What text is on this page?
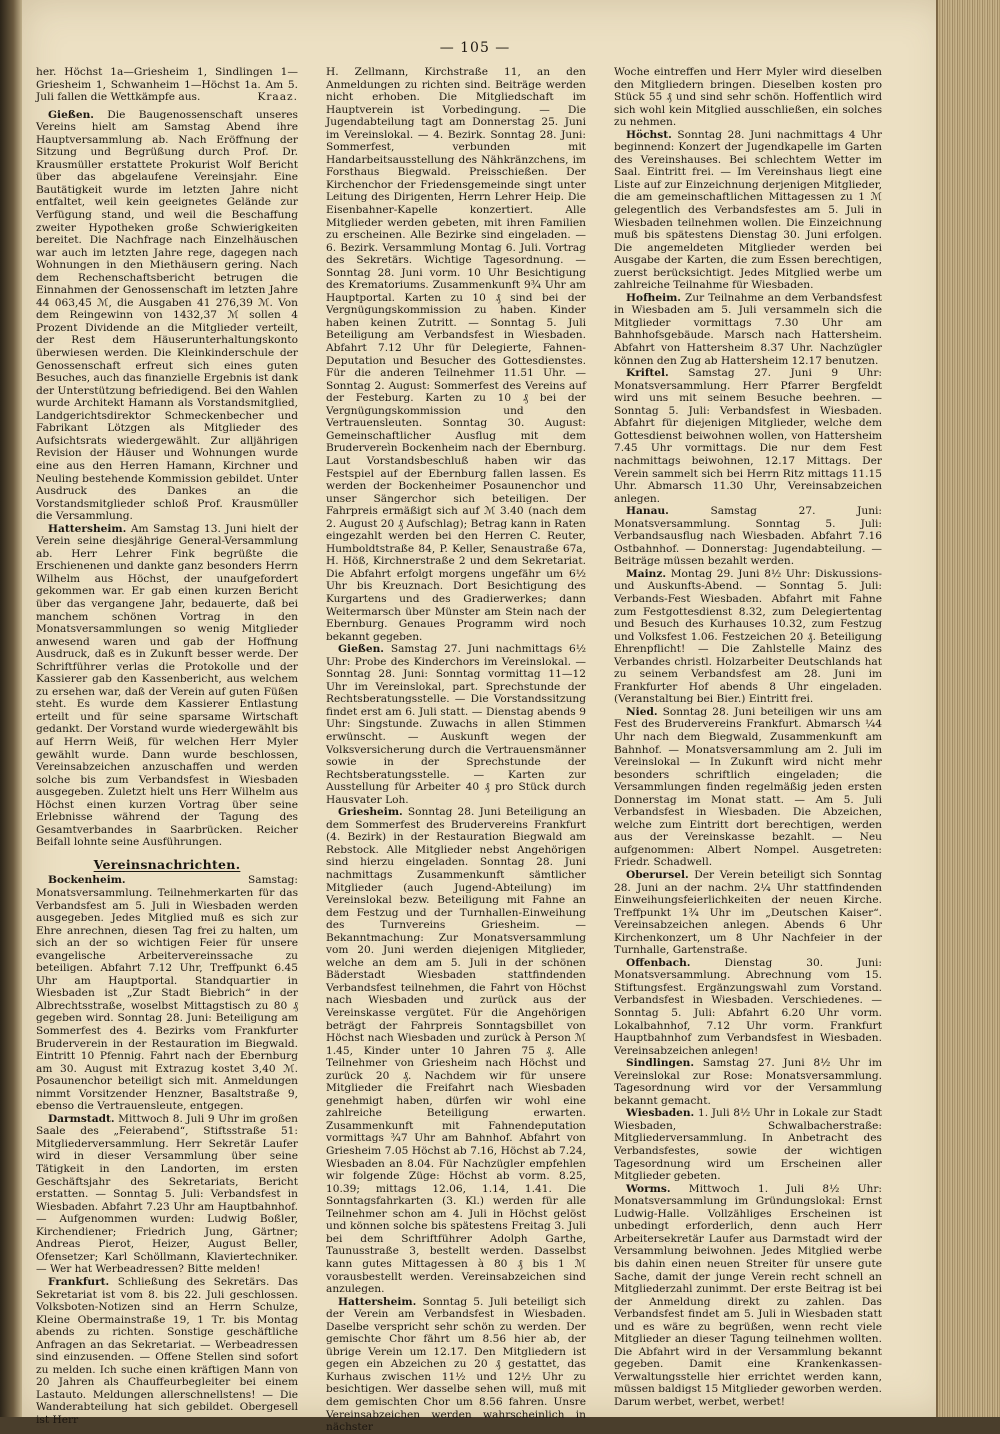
— 105 —

her. Höchst 1a—Griesheim 1, Sindlingen 1—Griesheim 1, Schwanheim 1—Höchst 1a. Am 5. Juli fallen die Wettkämpfe aus.	Kraaz.

Gießen. Die Baugenossenschaft unseres Vereins hielt am Samstag Abend ihre Hauptversammlung ab. Nach Eröffnung der Sitzung und Begrüßung durch Prof. Dr. Krausmüller erstattete Prokurist Wolf Bericht über das abgelaufene Vereinsjahr. Eine Bautätigkeit wurde im letzten Jahre nicht entfaltet, weil kein geeignetes Gelände zur Verfügung stand, und weil die Beschaffung zweiter Hypotheken große Schwierigkeiten bereitet. Die Nachfrage nach Einzelhäuschen war auch im letzten Jahre rege, dagegen nach Wohnungen in den Miethäusern gering. Nach dem Rechenschaftsbericht betrugen die Einnahmen der Genossenschaft im letzten Jahre 44 063,45 ℳ, die Ausgaben 41 276,39 ℳ. Von dem Reingewinn von 1432,37 ℳ sollen 4 Prozent Dividende an die Mitglieder verteilt, der Rest dem Häuserunterhaltungskonto überwiesen werden. Die Kleinkinderschule der Genossenschaft erfreut sich eines guten Besuches, auch das finanzielle Ergebnis ist dank der Unterstützung befriedigend. Bei den Wahlen wurde Architekt Hamann als Vorstandsmitglied, Landgerichtsdirektor Schmeckenbecher und Fabrikant Lötzgen als Mitglieder des Aufsichtsrats wiedergewählt. Zur alljährigen Revision der Häuser und Wohnungen wurde eine aus den Herren Hamann, Kirchner und Neuling bestehende Kommission gebildet. Unter Ausdruck des Dankes an die Vorstandsmitglieder schloß Prof. Krausmüller die Versammlung.

Hattersheim. Am Samstag 13. Juni hielt der Verein seine diesjährige General-Versammlung ab. Herr Lehrer Fink begrüßte die Erschienenen und dankte ganz besonders Herrn Wilhelm aus Höchst, der unaufgefordert gekommen war. Er gab einen kurzen Bericht über das vergangene Jahr, bedauerte, daß bei manchem schönen Vortrag in den Monatsversammlungen so wenig Mitglieder anwesend waren und gab der Hoffnung Ausdruck, daß es in Zukunft besser werde. Der Schriftführer verlas die Protokolle und der Kassierer gab den Kassenbericht, aus welchem zu ersehen war, daß der Verein auf guten Füßen steht. Es wurde dem Kassierer Entlastung erteilt und für seine sparsame Wirtschaft gedankt. Der Vorstand wurde wiedergewählt bis auf Herrn Weiß, für welchen Herr Myler gewählt wurde. Dann wurde beschlossen, Vereinsabzeichen anzuschaffen und werden solche bis zum Verbandsfest in Wiesbaden ausgegeben. Zuletzt hielt uns Herr Wilhelm aus Höchst einen kurzen Vortrag über seine Erlebnisse während der Tagung des Gesamtverbandes in Saarbrücken. Reicher Beifall lohnte seine Ausführungen.

Vereinsnachrichten.

Bockenheim.	Samstag: Monatsversammlung. Teilnehmerkarten für das Verbandsfest am 5. Juli in Wiesbaden werden ausgegeben. Jedes Mitglied muß es sich zur Ehre anrechnen, diesen Tag frei zu halten, um sich an der so wichtigen Feier für unsere evangelische Arbeitervereinssache zu beteiligen. Abfahrt 7.12 Uhr, Treffpunkt 6.45 Uhr am Hauptportal. Standquartier in Wiesbaden ist „Zur Stadt Biebrich“ in der Albrechtsstraße, woselbst Mittagstisch zu 80 ₰ gegeben wird. Sonntag 28. Juni: Beteiligung am Sommerfest des 4. Bezirks vom Frankfurter Bruderverein in der Restauration im Biegwald. Eintritt 10 Pfennig. Fahrt nach der Ebernburg am 30. August mit Extrazug kostet 3,40 ℳ. Posaunenchor beteiligt sich mit. Anmeldungen nimmt Vorsitzender Henzner, Basaltstraße 9, ebenso die Vertrauensleute, entgegen.

Darmstadt. Mittwoch 8. Juli 9 Uhr im großen Saale des „Feierabend“, Stiftsstraße 51: Mitgliederversammlung. Herr Sekretär Laufer wird in dieser Versammlung über seine Tätigkeit in den Landorten, im ersten Geschäftsjahr des Sekretariats, Bericht erstatten. — Sonntag 5. Juli: Verbandsfest in Wiesbaden. Abfahrt 7.23 Uhr am Hauptbahnhof. — Aufgenommen wurden: Ludwig Boßler, Kirchendiener; Friedrich Jung, Gärtner; Andreas Pierot, Heizer, August Beller, Ofensetzer; Karl Schöllmann, Klaviertechniker. — Wer hat Werbeadressen? Bitte melden!

Frankfurt. Schließung des Sekretärs. Das Sekretariat ist vom 8. bis 22. Juli geschlossen. Volksboten-Notizen sind an Herrn Schulze, Kleine Obermainstraße 19, 1 Tr. bis Montag abends zu richten. Sonstige geschäftliche Anfragen an das Sekretariat. — Werbeadressen sind einzusenden. — Offene Stellen sind sofort zu melden. Ich suche einen kräftigen Mann von 20 Jahren als Chauffeurbegleiter bei einem Lastauto. Meldungen allerschnellstens! — Die Wanderabteilung hat sich gebildet. Obergesell ist Herr

H. Zellmann, Kirchstraße 11, an den Anmeldungen zu richten sind. Beiträge werden nicht erhoben. Die Mitgliedschaft im Hauptverein ist Vorbedingung. — Die Jugendabteilung tagt am Donnerstag 25. Juni im Vereinslokal. — 4. Bezirk. Sonntag 28. Juni: Sommerfest, verbunden mit Handarbeitsausstellung des Nähkränzchens, im Forsthaus Biegwald. Preisschießen. Der Kirchenchor der Friedensgemeinde singt unter Leitung des Dirigenten, Herrn Lehrer Heip. Die Eisenbahner-Kapelle konzertiert. Alle Mitglieder werden gebeten, mit ihren Familien zu erscheinen. Alle Bezirke sind eingeladen. — 6. Bezirk. Versammlung Montag 6. Juli. Vortrag des Sekretärs. Wichtige Tagesordnung. — Sonntag 28. Juni vorm. 10 Uhr Besichtigung des Krematoriums. Zusammenkunft 9¾ Uhr am Hauptportal. Karten zu 10 ₰ sind bei der Vergnügungskommission zu haben. Kinder haben keinen Zutritt. — Sonntag 5. Juli Beteiligung am Verbandsfest in Wiesbaden. Abfahrt 7.12 Uhr für Delegierte, Fahnen-Deputation und Besucher des Gottesdienstes. Für die anderen Teilnehmer 11.51 Uhr. — Sonntag 2. August: Sommerfest des Vereins auf der Festeburg. Karten zu 10 ₰ bei der Vergnügungskommission und den Vertrauensleuten. Sonntag 30. August: Gemeinschaftlicher Ausflug mit dem Brudervereìn Bockenheim nach der Ebernburg. Laut Vorstandsbeschluß haben wir das Festspiel auf der Ebernburg fallen lassen. Es werden der Bockenheimer Posaunenchor und unser Sängerchor sich beteiligen. Der Fahrpreis ermäßigt sich auf ℳ 3.40 (nach dem 2. August 20 ₰ Aufschlag); Betrag kann in Raten eingezahlt werden bei den Herren C. Reuter, Humboldtstraße 84, P. Keller, Senaustraße 67a, H. Höß, Kirchnerstraße 2 und dem Sekretariat. Die Abfahrt erfolgt morgens ungefähr um 6½ Uhr bis Kreuznach. Dort Besichtigung des Kurgartens und des Gradierwerkes; dann Weitermarsch über Münster am Stein nach der Ebernburg. Genaues Programm wird noch bekannt gegeben.

Gießen. Samstag 27. Juni nachmittags 6½ Uhr: Probe des Kinderchors im Vereinslokal. — Sonntag 28. Juni: Sonntag vormittag 11—12 Uhr im Vereinslokal, part. Sprechstunde der Rechtsberatungsstelle. — Die Vorstandssitzung findet erst am 6. Juli statt. — Dienstag abends 9 Uhr: Singstunde. Zuwachs in allen Stimmen erwünscht. — Auskunft wegen der Volksversicherung durch die Vertrauensmänner sowie in der Sprechstunde der Rechtsberatungsstelle. — Karten zur Ausstellung für Arbeiter 40 ₰ pro Stück durch Hausvater Loh.

Griesheim. Sonntag 28. Juni Beteiligung an dem Sommerfest des Brudervereins Frankfurt (4. Bezirk) in der Restauration Biegwald am Rebstock. Alle Mitglieder nebst Angehörigen sind hierzu eingeladen. Sonntag 28. Juni nachmittags Zusammenkunft sämtlicher Mitglieder (auch Jugend-Abteilung) im Vereinslokal bezw. Beteiligung mit Fahne an dem Festzug und der Turnhallen-Einweihung des Turnvereins Griesheim. — Bekanntmachung: Zur Monatsversammlung vom 20. Juni werden diejenigen Mitglieder, welche an dem am 5. Juli in der schönen Bäderstadt Wiesbaden stattfindenden Verbandsfest teilnehmen, die Fahrt von Höchst nach Wiesbaden und zurück aus der Vereinskasse vergütet. Für die Angehörigen beträgt der Fahrpreis Sonntagsbillet von Höchst nach Wiesbaden und zurück à Person ℳ 1.45, Kinder unter 10 Jahren 75 ₰. Alle Teilnehmer von Griesheim nach Höchst und zurück 20 ₰. Nachdem wir für unsere Mitglieder die Freifahrt nach Wiesbaden genehmigt haben, dürfen wir wohl eine zahlreiche Beteiligung erwarten. Zusammenkunft mit Fahnendeputation vormittags ¾7 Uhr am Bahnhof. Abfahrt von Griesheim 7.05 Höchst ab 7.16, Höchst ab 7.24, Wiesbaden an 8.04. Für Nachzügler empfehlen wir folgende Züge: Höchst ab vorm. 8.25, 10.39; mittags 12.06, 1.14, 1.41. Die Sonntagsfahrkarten (3. Kl.) werden für alle Teilnehmer schon am 4. Juli in Höchst gelöst und können solche bis spätestens Freitag 3. Juli bei dem Schriftführer Adolph Garthe, Taunusstraße 3, bestellt werden. Dasselbst kann gutes Mittagessen à 80 ₰ bis 1 ℳ vorausbestellt werden. Vereinsabzeichen sind anzulegen.

Hattersheim. Sonntag 5. Juli beteiligt sich der Verein am Verbandsfest in Wiesbaden. Daselbe verspricht sehr schön zu werden. Der gemischte Chor fährt um 8.56 hier ab, der übrige Verein um 12.17. Den Mitgliedern ist gegen ein Abzeichen zu 20 ₰ gestattet, das Kurhaus zwischen 11½ und 12½ Uhr zu besichtigen. Wer dasselbe sehen will, muß mit dem gemischten Chor um 8.56 fahren. Unsre Vereinsabzeichen werden wahrscheinlich in nächster

Woche eintreffen und Herr Myler wird dieselben den Mitgliedern bringen. Dieselben kosten pro Stück 55 ₰ und sind sehr schön. Hoffentlich wird sich wohl kein Mitglied ausschließen, ein solches zu nehmen.

Höchst. Sonntag 28. Juni nachmittags 4 Uhr beginnend: Konzert der Jugendkapelle im Garten des Vereinshauses. Bei schlechtem Wetter im Saal. Eintritt frei. — Im Vereinshaus liegt eine Liste auf zur Einzeichnung derjenigen Mitglieder, die am gemeinschaftlichen Mittagessen zu 1 ℳ gelegentlich des Verbandsfestes am 5. Juli in Wiesbaden teilnehmen wollen. Die Einzeichnung muß bis spätestens Dienstag 30. Juni erfolgen. Die angemeldeten Mitglieder werden bei Ausgabe der Karten, die zum Essen berechtigen, zuerst berücksichtigt. Jedes Mitglied werbe um zahlreiche Teilnahme für Wiesbaden.

Hofheim. Zur Teilnahme an dem Verbandsfest in Wiesbaden am 5. Juli versammeln sich die Mitglieder vormittags 7.30 Uhr am Bahnhofsgebäude. Marsch nach Hattersheim. Abfahrt von Hattersheim 8.37 Uhr. Nachzügler können den Zug ab Hattersheim 12.17 benutzen.

Kriftel. Samstag 27. Juni 9 Uhr: Monatsversammlung. Herr Pfarrer Bergfeldt wird uns mit seinem Besuche beehren. — Sonntag 5. Juli: Verbandsfest in Wiesbaden. Abfahrt für diejenigen Mitglieder, welche dem Gottesdienst beiwohnen wollen, von Hattersheim 7.45 Uhr vormittags. Die nur dem Fest nachmittags beiwohnen, 12.17 Mittags. Der Verein sammelt sich bei Herrn Ritz mittags 11.15 Uhr. Abmarsch 11.30 Uhr, Vereinsabzeichen anlegen.

Hanau.	Samstag 27. Juni: Monatsversammlung. Sonntag 5. Juli: Verbandsausflug nach Wiesbaden. Abfahrt 7.16 Ostbahnhof. — Donnerstag: Jugendabteilung. — Beiträge müssen bezahlt werden.

Mainz. Montag 29. Juni 8½ Uhr: Diskussions- und Auskunfts-Abend. — Sonntag 5. Juli: Verbands-Fest Wiesbaden. Abfahrt mit Fahne zum Festgottesdienst 8.32, zum Delegiertentag und Besuch des Kurhauses 10.32, zum Festzug und Volksfest 1.06. Festzeichen 20 ₰. Beteiligung Ehrenpflicht! — Die Zahlstelle Mainz des Verbandes christl. Holzarbeiter Deutschlands hat zu seinem Verbandsfest am 28. Juni im Frankfurter Hof abends 8 Uhr eingeladen. (Veranstaltung bei Bier.) Eintritt frei.

Nied. Sonntag 28. Juni beteiligen wir uns am Fest des Brudervereins Frankfurt. Abmarsch ¼4 Uhr nach dem Biegwald, Zusammenkunft am Bahnhof. — Monatsversammlung am 2. Juli im Vereinslokal — In Zukunft wird nicht mehr besonders schriftlich eingeladen; die Versammlungen finden regelmäßig jeden ersten Donnerstag im Monat statt. — Am 5. Juli Verbandsfest in Wiesbaden. Die Abzeichen, welche zum Eintritt dort berechtigen, werden aus der Vereinskasse bezahlt. — Neu aufgenommen: Albert Nompel. Ausgetreten: Friedr. Schadwell.

Oberursel. Der Verein beteiligt sich Sonntag 28. Juni an der nachm. 2¼ Uhr stattfindenden Einweihungsfeierlichkeiten der neuen Kirche. Treffpunkt 1¾ Uhr im „Deutschen Kaiser“. Vereinsabzeichen anlegen. Abends 6 Uhr Kirchenkonzert, um 8 Uhr Nachfeier in der Turnhalle, Gartenstraße.

Offenbach.	Dienstag 30. Juni: Monatsversammlung. Abrechnung vom 15. Stiftungsfest. Ergänzungswahl zum Vorstand. Verbandsfest in Wiesbaden. Verschiedenes. — Sonntag 5. Juli: Abfahrt 6.20 Uhr vorm. Lokalbahnhof, 7.12 Uhr vorm. Frankfurt Hauptbahnhof zum Verbandsfest in Wiesbaden. Vereinsabzeichen anlegen!

Sindlingen. Samstag 27. Juni 8½ Uhr im Vereinslokal zur Rose: Monatsversammlung. Tagesordnung wird vor der Versammlung bekannt gemacht.

Wiesbaden. 1. Juli 8½ Uhr in Lokale zur Stadt Wiesbaden, Schwalbacherstraße: Mitgliederversammlung. In Anbetracht des Verbandsfestes, sowie der wichtigen Tagesordnung wird um Erscheinen aller Mitglieder gebeten.

Worms. Mittwoch 1. Juli 8½ Uhr: Monatsversammlung im Gründungslokal: Ernst Ludwig-Halle. Vollzähliges Erscheinen ist unbedingt erforderlich, denn auch Herr Arbeitersekretär Laufer aus Darmstadt wird der Versammlung beiwohnen. Jedes Mitglied werbe bis dahin einen neuen Streiter für unsere gute Sache, damit der junge Verein recht schnell an Mitgliederzahl zunimmt. Der erste Beitrag ist bei der Anmeldung direkt zu zahlen. Das Verbandsfest findet am 5. Juli in Wiesbaden statt und es wäre zu begrüßen, wenn recht viele Mitglieder an dieser Tagung teilnehmen wollten. Die Abfahrt wird in der Versammlung bekannt gegeben. Damit eine Krankenkassen-Verwaltungsstelle hier errichtet werden kann, müssen baldigst 15 Mitglieder geworben werden. Darum werbet, werbet, werbet!
